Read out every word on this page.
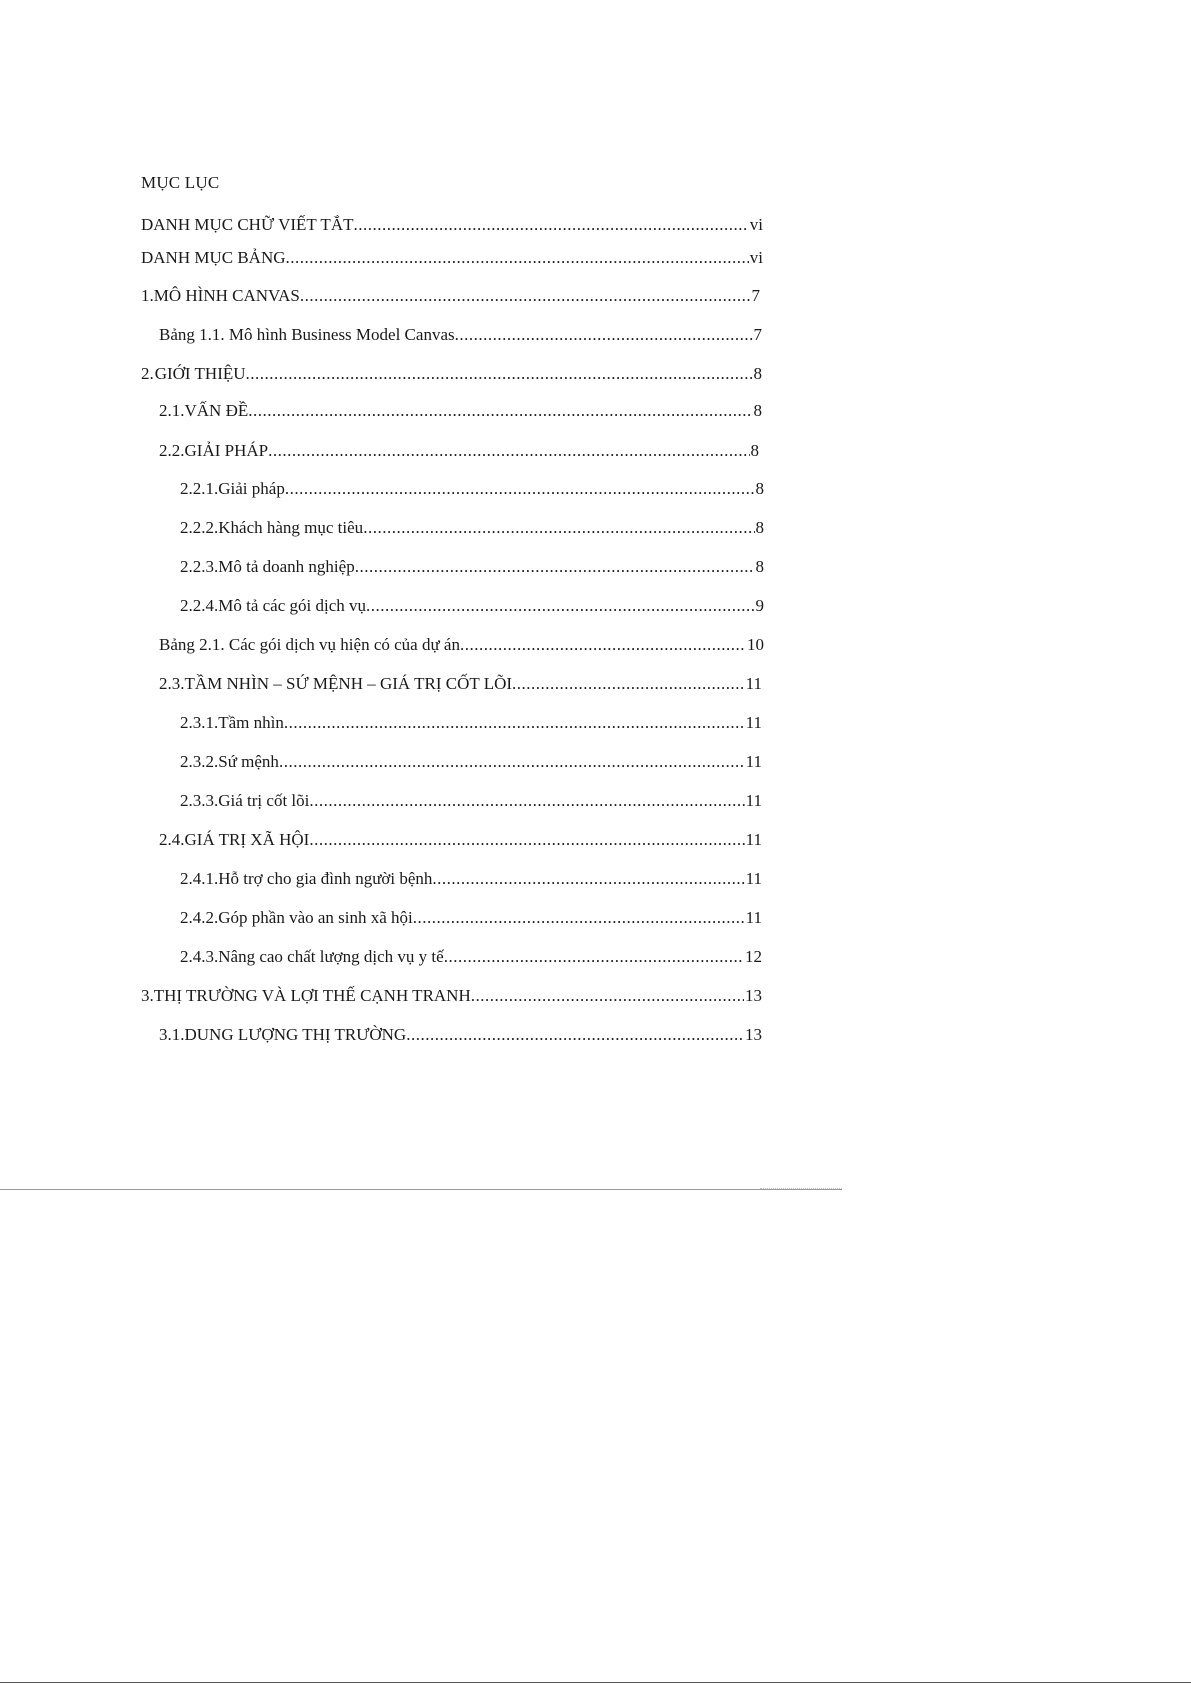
MỤC LỤC
DANH MỤC CHỮ VIẾT TẮT .....	vi
DANH MỤC BẢNG .....	vi
1. MÔ HÌNH CANVAS .....	7
Bảng 1.1. Mô hình Business Model Canvas .....	7
2. GIỚI THIỆU .....	8
2.1. VẤN ĐỀ .....	8
2.2. GIẢI PHÁP .....	8
2.2.1. Giải pháp .....	8
2.2.2. Khách hàng mục tiêu .....	8
2.2.3. Mô tả doanh nghiệp .....	8
2.2.4. Mô tả các gói dịch vụ .....	9
Bảng 2.1. Các gói dịch vụ hiện có của dự án .....	10
2.3. TẦM NHÌN – SỨ MỆNH – GIÁ TRỊ CỐT LÕI .....	11
2.3.1. Tầm nhìn .....	11
2.3.2. Sứ mệnh .....	11
2.3.3. Giá trị cốt lõi .....	11
2.4. GIÁ TRỊ XÃ HỘI .....	11
2.4.1. Hỗ trợ cho gia đình người bệnh .....	11
2.4.2. Góp phần vào an sinh xã hội .....	11
2.4.3. Nâng cao chất lượng dịch vụ y tế .....	12
3. THỊ TRƯỜNG VÀ LỢI THẾ CẠNH TRANH .....	13
3.1. DUNG LƯỢNG THỊ TRƯỜNG .....	13
